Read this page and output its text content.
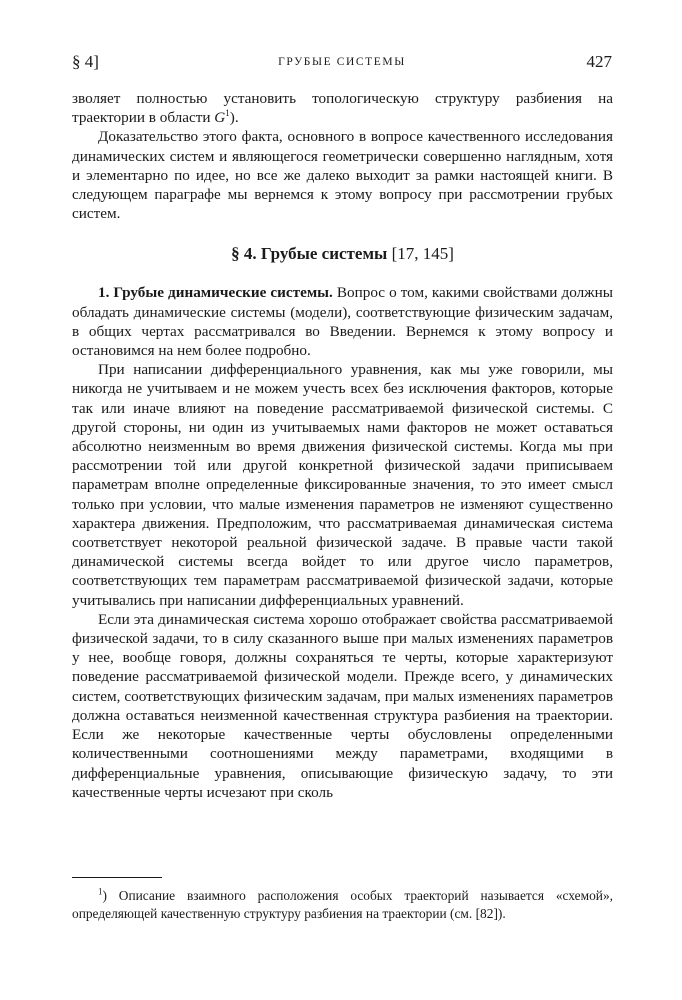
§ 4]	ГРУБЫЕ СИСТЕМЫ	427

зволяет полностью установить топологическую структуру разбиения на траектории в области $G^1$).

Доказательство этого факта, основного в вопросе качественного исследования динамических систем и являющегося геометрически совершенно наглядным, хотя и элементарно по идее, но все же далеко выходит за рамки настоящей книги. В следующем параграфе мы вернемся к этому вопросу при рассмотрении грубых систем.

§ 4. Грубые системы [17, 145]

1. Грубые динамические системы. Вопрос о том, какими свойствами должны обладать динамические системы (модели), соответствующие физическим задачам, в общих чертах рассматривался во Введении. Вернемся к этому вопросу и остановимся на нем более подробно.

При написании дифференциального уравнения, как мы уже говорили, мы никогда не учитываем и не можем учесть всех без исключения факторов, которые так или иначе влияют на поведение рассматриваемой физической системы. С другой стороны, ни один из учитываемых нами факторов не может оставаться абсолютно неизменным во время движения физической системы. Когда мы при рассмотрении той или другой конкретной физической задачи приписываем параметрам вполне определенные фиксированные значения, то это имеет смысл только при условии, что малые изменения параметров не изменяют существенно характера движения. Предположим, что рассматриваемая динамическая система соответствует некоторой реальной физической задаче. В правые части такой динамической системы всегда войдет то или другое число параметров, соответствующих тем параметрам рассматриваемой физической задачи, которые учитывались при написании дифференциальных уравнений.

Если эта динамическая система хорошо отображает свойства рассматриваемой физической задачи, то в силу сказанного выше при малых изменениях параметров у нее, вообще говоря, должны сохраняться те черты, которые характеризуют поведение рассматриваемой физической модели. Прежде всего, у динамических систем, соответствующих физическим задачам, при малых изменениях параметров должна оставаться неизменной качественная структура разбиения на траектории. Если же некоторые качественные черты обусловлены определенными количественными соотношениями между параметрами, входящими в дифференциальные уравнения, описывающие физическую задачу, то эти качественные черты исчезают при сколь

$^1$) Описание взаимного расположения особых траекторий называется «схемой», определяющей качественную структуру разбиения на траектории (см. [82]).
